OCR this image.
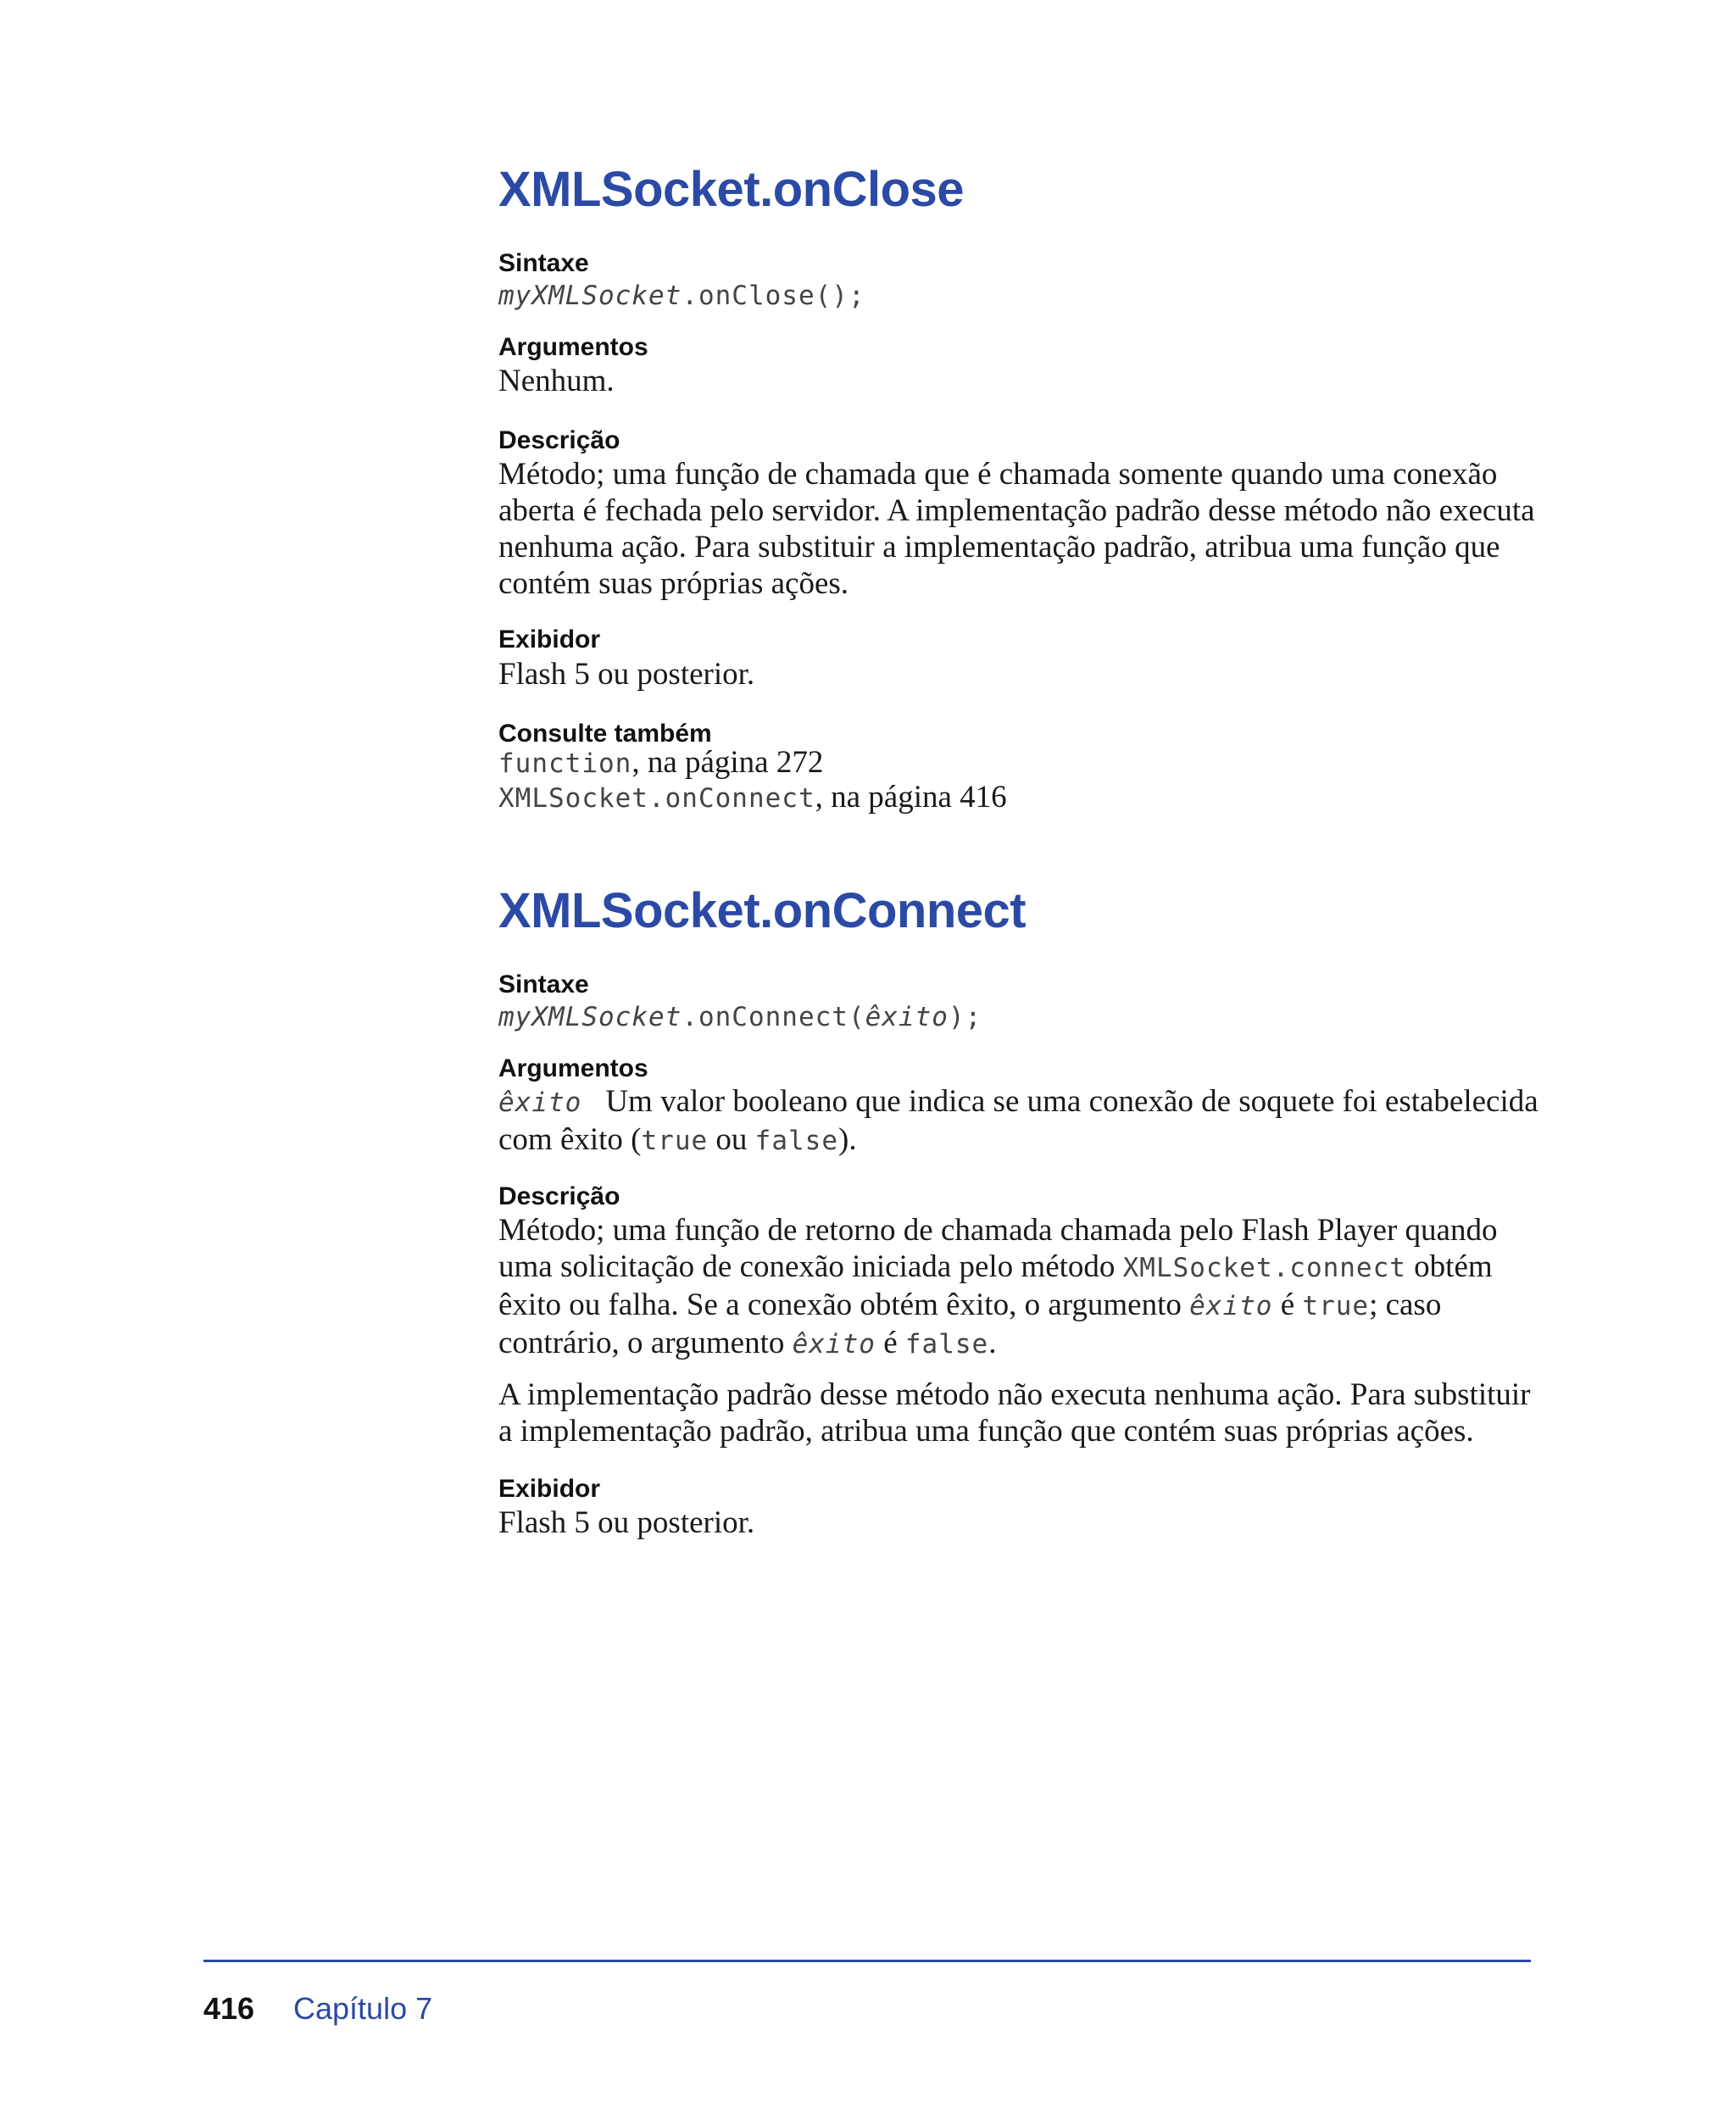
XMLSocket.onClose
Sintaxe
myXMLSocket.onClose();
Argumentos
Nenhum.
Descrição
Método; uma função de chamada que é chamada somente quando uma conexão
aberta é fechada pelo servidor. A implementação padrão desse método não executa
nenhuma ação. Para substituir a implementação padrão, atribua uma função que
contém suas próprias ações.
Exibidor
Flash 5 ou posterior.
Consulte também
function, na página 272
XMLSocket.onConnect, na página 416
XMLSocket.onConnect
Sintaxe
myXMLSocket.onConnect(êxito);
Argumentos
êxito Um valor booleano que indica se uma conexão de soquete foi estabelecida
com êxito (true ou false).
Descrição
Método; uma função de retorno de chamada chamada pelo Flash Player quando
uma solicitação de conexão iniciada pelo método XMLSocket.connect obtém
êxito ou falha. Se a conexão obtém êxito, o argumento êxito é true; caso
contrário, o argumento êxito é false.
A implementação padrão desse método não executa nenhuma ação. Para substituir
a implementação padrão, atribua uma função que contém suas próprias ações.
Exibidor
Flash 5 ou posterior.
416 Capítulo 7
